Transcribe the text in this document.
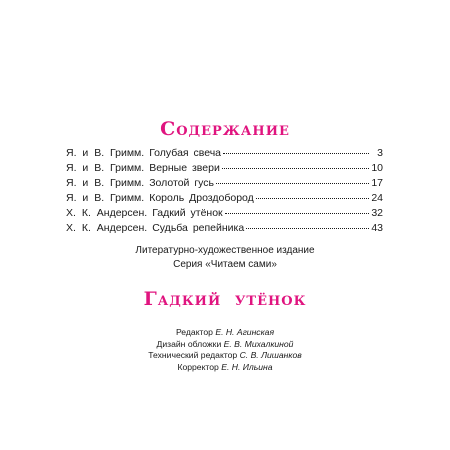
Содержание
Я. и В. Гримм. Голубая свеча	3
Я. и В. Гримм. Верные звери	10
Я. и В. Гримм. Золотой гусь	17
Я. и В. Гримм. Король Дроздобород	24
Х. К. Андерсен. Гадкий утёнок	32
Х. К. Андерсен. Судьба репейника	43
Литературно-художественное издание
Серия «Читаем сами»
Гадкий утёнок
Редактор Е. Н. Агинская
Дизайн обложки Е. В. Михалкиной
Технический редактор С. В. Лишанков
Корректор Е. Н. Ильина
